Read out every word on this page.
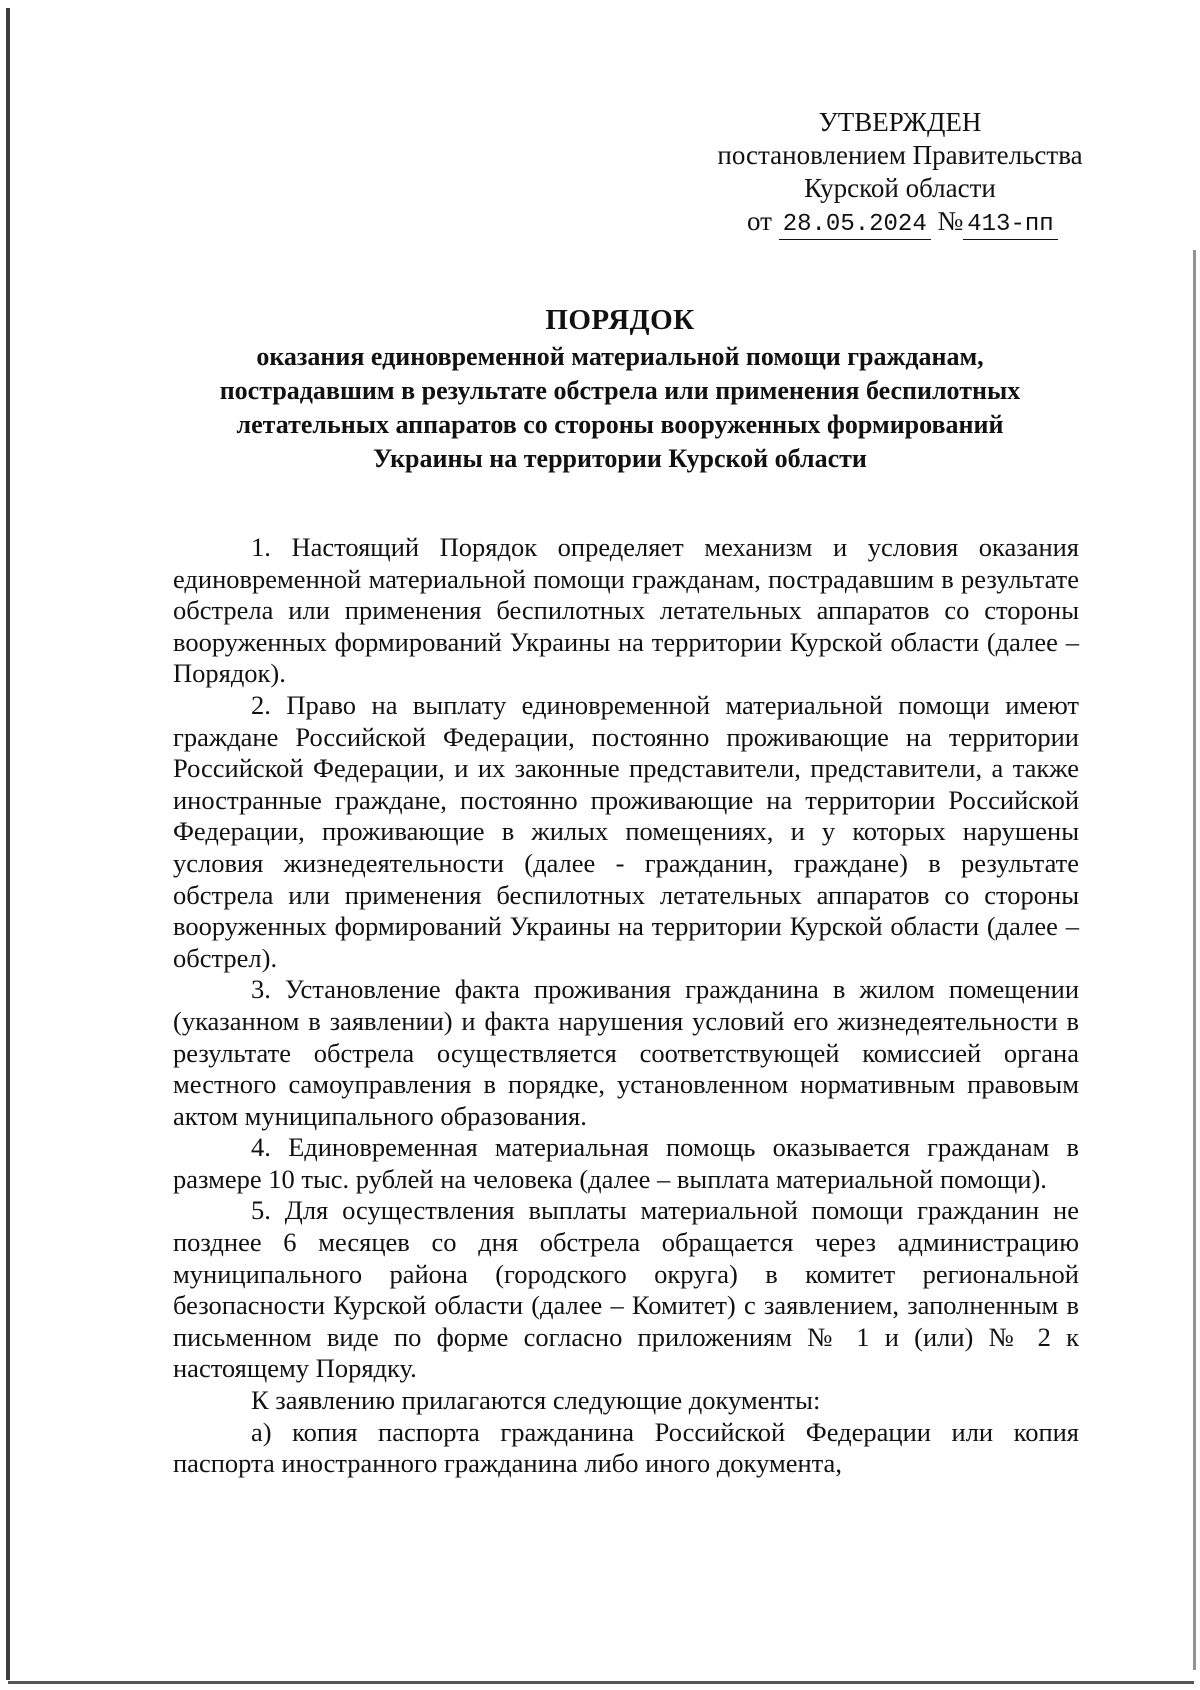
УТВЕРЖДЕН
постановлением Правительства
Курской области
от 28.05.2024 № 413-пп
ПОРЯДОК
оказания единовременной материальной помощи гражданам,
пострадавшим в результате обстрела или применения беспилотных
летательных аппаратов со стороны вооруженных формирований
Украины на территории Курской области

1. Настоящий Порядок определяет механизм и условия оказания единовременной материальной помощи гражданам, пострадавшим в результате обстрела или применения беспилотных летательных аппаратов со стороны вооруженных формирований Украины на территории Курской области (далее – Порядок).

2. Право на выплату единовременной материальной помощи имеют граждане Российской Федерации, постоянно проживающие на территории Российской Федерации, и их законные представители, представители, а также иностранные граждане, постоянно проживающие на территории Российской Федерации, проживающие в жилых помещениях, и у которых нарушены условия жизнедеятельности (далее - гражданин, граждане) в результате обстрела или применения беспилотных летательных аппаратов со стороны вооруженных формирований Украины на территории Курской области (далее – обстрел).

3. Установление факта проживания гражданина в жилом помещении (указанном в заявлении) и факта нарушения условий его жизнедеятельности в результате обстрела осуществляется соответствующей комиссией органа местного самоуправления в порядке, установленном нормативным правовым актом муниципального образования.

4. Единовременная материальная помощь оказывается гражданам в размере 10 тыс. рублей на человека (далее – выплата материальной помощи).

5. Для осуществления выплаты материальной помощи гражданин не позднее 6 месяцев со дня обстрела обращается через администрацию муниципального района (городского округа) в комитет региональной безопасности Курской области (далее – Комитет) с заявлением, заполненным в письменном виде по форме согласно приложениям № 1 и (или) № 2 к настоящему Порядку.

К заявлению прилагаются следующие документы:

а) копия паспорта гражданина Российской Федерации или копия паспорта иностранного гражданина либо иного документа,
